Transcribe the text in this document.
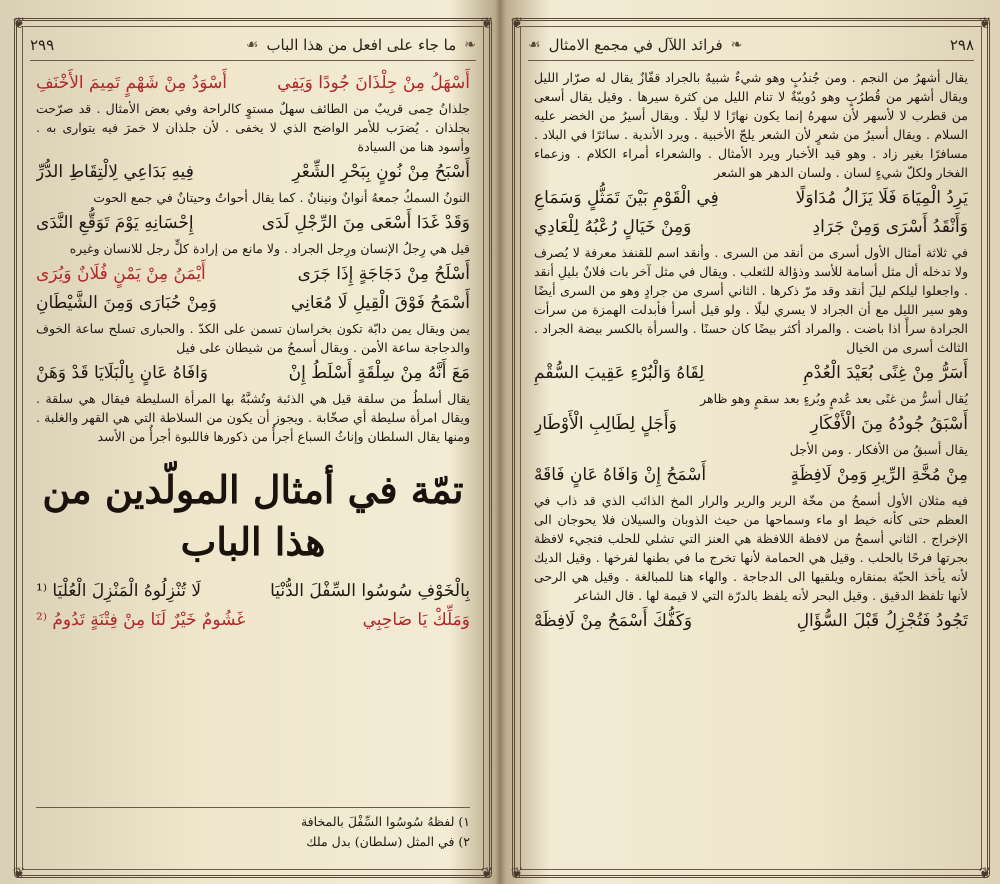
❦	❦
❦	❦
❧
ما جاء على افعل من هذا الباب
☙
٢٩٩
أَسْهَلُ مِنْ جِلْذَانَ جُودًا وَيَفِي
أَسْوَدُ مِنْ شَهْمٍ تَمِيمَ الأَخْنَفِ

جلذانُ حِمى قريبٌ من الطائف سهلٌ مستوٍ كالراحة وفي بعض الأمثال . قد صرّحت بجلذان . يُضرَب للأمر الواضح الذي لا يخفى . لأن جلذان لا خمرَ فيه يتوارى به . وأسود هنا من السيادة

أَسْبَحُ مِنْ نُونٍ بِبَحْرِ الشِّعْرِ
فِيهِ بَدَاعِي لِالْتِقَاطِ الدُّرِّ

النونُ السمكُ جمعهُ أنوانٌ ونينانٌ . كما يقال أحواتٌ وحيتانٌ في جمع الحوت

وَقَدْ غَدَا أَسْعَى مِنَ الرِّجْلِ لَدَى
إِحْسَانِهِ يَوْمَ تَوَقُّعِ النَّدَى

قيل هي رِجلُ الإنسان ورِجل الجراد . ولا مانع من إرادة كلٍّ رجل للانسان وغيره

أَسْلَحُ مِنْ دَجَاجَةٍ إِذَا جَرَى
أَيْمَنُ مِنْ يَمْنٍ فُلَانٌ وَيُرَى
أَسْمَحُ فَوْقَ الْقِيلِ لَا مُعَانِي
وَمِنْ حُبَارَى وَمِنَ الشَّيْطَانِ

يمن ويقال يمن دابّة تكون بخراسان تسمن على الكدّ . والحبارى تسلح ساعة الخوف والدجاجة ساعة الأمن . ويقال أسمحُ من شيطان على فيل

مَعَ أَنَّهُ مِنْ سِلْقَةٍ أَسْلَطُ إِنْ
وَافَاهُ عَانٍ بِالْبَلَايَا قَدْ وَهَنْ

يقال أسلطُ من سلقة قيل هي الذئبة وتُشبَّهُ بها المرأة السليطة فيقال هي سلقة . ويقال امرأة سليطة أي صخّابة . ويجوز أن يكون من السلاطة التي هي القهر والغلبة . ومنها يقال السلطان وإناثُ السباع أجرأُ من ذكورها فاللبوة أجرأُ من الأسد

تمّة في أمثال المولّدين من هذا الباب
بِالْخَوْفِ سُوسُوا السِّفْلَ الدُّنْيَا
لَا تُنْزِلُوهُ الْمَنْزِلَ الْعُلْيَا ⁽¹
وَمَلِّكْ يَا صَاحِبِي
غَشُومٌ خَيْرٌ لَنَا مِنْ فِتْنَةٍ تَدُومُ ⁽²
١) لفظهُ سُوسُوا السِّفْلَ بالمخافة
٢) في المثل (سلطان) بدل ملك
❦	❦
❦	❦
٢٩٨
❧
فرائد اللآل في مجمع الامثال
☙

يقال أشهرُ من النجم . ومن جُندُبٍ وهو شيءٌ شبيهٌ بالجراد قفّازٌ يقال له صرّار الليل ويقال أشهر من قُطرُبٍ وهو دُويبّةٌ لا تنام الليل من كثرة سيرها . وقيل يقال أسعى من قطرب لا لأسهر لأن سهرهُ إنما يكون نهارًا لا ليلًا . ويقال أسيرُ من الخضر عليه السلام . ويقال أسيرُ من شعرٍ لأن الشعر يلجّ الأخبية . ويرد الأندية . سائرًا في البلاد . مسافرًا بغير زاد . وهو قيد الأخبار ويرد الأمثال . والشعراء أمراء الكلام . وزعماء الفخار ولكلّ شيءٍ لسان . ولسان الدهر هو الشعر

يَرِدُ الْمِيَاهَ فَلَا يَزَالُ مُدَاوَلًا
فِي الْقَوْمِ بَيْنَ تَمَثُّلٍ وَسَمَاعِ
وَأَنْقَدُ أَسْرَى وَمِنْ جَرَادِ
وَمِنْ خَيَالٍ رُعْبُهُ لِلْعَادِي

في ثلاثة أمثال الأول أسرى من أنقد من السرى . وأنقد اسم للقنفذ معرفة لا يُصرف ولا تدخله أل مثل أسامة للأسد وذؤالة للثعلب . ويقال في مثل آخر بات فلانٌ بليلِ أنقد . واجعلوا ليلكم ليلَ أنقد وقد مرّ ذكرها . الثاني أسرى من جرادٍ وهو من السرى أيضًا وهو سير الليل مع أن الجراد لا يسري ليلًا . ولو قيل أسرأ فأبدلت الهمزة من سرأت الجرادة سرأً اذا باضت . والمراد أكثر بيضًا كان حسنًا . والسرأة بالكسر بيضة الجراد . الثالث أسرى من الخيال

أَسَرُّ مِنْ غِنًى بُعَيْدَ الْعُدْمِ
لِقَاهُ وَالْبُرْءِ عَقِيبَ السُّقْمِ

يُقال أسرُّ من غنًى بعد عُدمٍ وبُرءٍ بعد سقمٍ وهو ظاهر

أَسْبَقُ جُودُهُ مِنَ الْأَفْكَارِ
وَأَجَلٍ لِطَالِبِ الْأَوْطَارِ

يقال أسبقُ من الأفكار . ومن الأجل

مِنْ مُخَّةِ الرِّيرِ وَمِنْ لَافِظَةٍ
أَسْمَحُ إِنْ وَافَاهُ عَانٍ فَاقَهْ

فيه مثلان الأول أسمحُ من مخّة الرير والرير والرار المخ الذائب الذي قد ذاب في العظم حتى كأنه خيط او ماء وسماحها من حيث الذوبان والسيلان فلا يحوجان الى الإخراج . الثاني أسمحُ من لافظة اللافظة هي العنز التي تشلي للحلب فتجيء لافظة بجرتها فرحًا بالحلب . وقيل هي الحمامة لأنها تخرج ما في بطنها لفرخها . وقيل الديك لأنه يأخذ الحبّة بمنقاره ويلقيها الى الدجاجة . والهاء هنا للمبالغة . وقيل هي الرحى لأنها تلفظ الدقيق . وقيل البحر لأنه يلفظ بالدرّة التي لا قيمة لها . قال الشاعر

تَجُودُ فَتُجْزِلُ قَبْلَ السُّؤَالِ
وَكَفُّكَ أَسْمَحُ مِنْ لَافِظَهْ
